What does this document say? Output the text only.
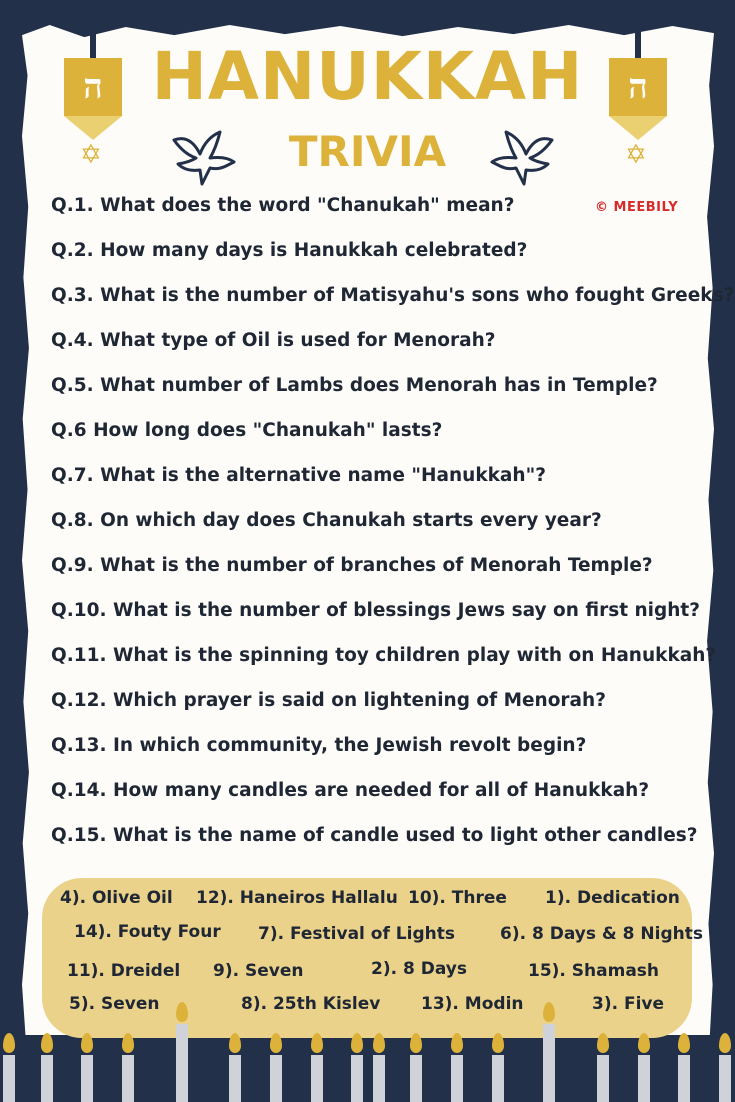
ה
✡
ה
✡
HANUKKAH
TRIVIA
© MEEBILY
Q.1. What does the word "Chanukah" mean?
Q.2. How many days is Hanukkah celebrated?
Q.3. What is the number of Matisyahu's sons who fought Greeks?
Q.4. What type of Oil is used for Menorah?
Q.5. What number of Lambs does Menorah has in Temple?
Q.6 How long does "Chanukah" lasts?
Q.7. What is the alternative name "Hanukkah"?
Q.8. On which day does Chanukah starts every year?
Q.9. What is the number of branches of Menorah Temple?
Q.10. What is the number of blessings Jews say on first night?
Q.11. What is the spinning toy children play with on Hanukkah?
Q.12. Which prayer is said on lightening of Menorah?
Q.13. In which community, the Jewish revolt begin?
Q.14. How many candles are needed for all of Hanukkah?
Q.15. What is the name of candle used to light other candles?
4). Olive Oil 12). Haneiros Hallalu 10). Three 1). Dedication
14). Fouty Four 7). Festival of Lights	6). 8 Days & 8 Nights
11). Dreidel 9). Seven	2). 8 Days	15). Shamash
5). Seven	8). 25th Kislev 13). Modin	3). Five
